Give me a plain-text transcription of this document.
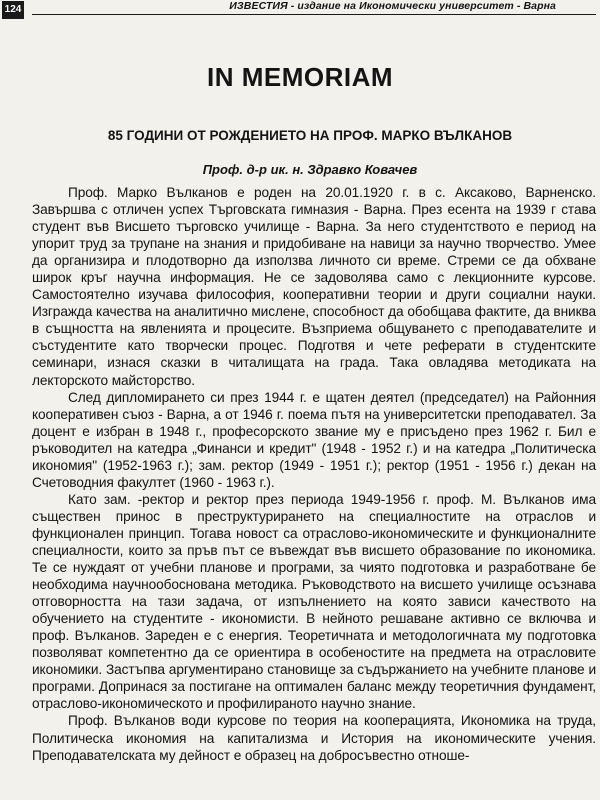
124	ИЗВЕСТИЯ - издание на Икономически университет - Варна
IN MEMORIAM
85 ГОДИНИ ОТ РОЖДЕНИЕТО НА ПРОФ. МАРКО ВЪЛКАНОВ
Проф. д-р ик. н. Здравко Ковачев

Проф. Марко Вълканов е роден на 20.01.1920 г. в с. Аксаково, Варненско. Завършва с отличен успех Търговската гимназия - Варна. През есента на 1939 г става студент във Висшето търговско училище - Варна. За него студентството е период на упорит труд за трупане на знания и придобиване на навици за научно творчество. Умее да организира и плодотворно да използва личното си време. Стреми се да обхване широк кръг научна информация. Не се задоволява само с лекционните курсове. Самостоятелно изучава философия, кооперативни теории и други социални науки. Изгражда качества на аналитично мислене, способност да обобщава фактите, да вниква в същността на явленията и процесите. Възприема общуването с преподавателите и състудентите като творчески процес. Подготвя и чете реферати в студентските семинари, изнася сказки в читалищата на града. Така овладява методиката на лекторското майсторство.

След дипломирането си през 1944 г. е щатен деятел (председател) на Районния кооперативен съюз - Варна, а от 1946 г. поема пътя на университетски преподавател. За доцент е избран в 1948 г., професорското звание му е присъдено през 1962 г. Бил е ръководител на катедра „Финанси и кредит" (1948 - 1952 г.) и на катедра „Политическа икономия" (1952-1963 г.); зам. ректор (1949 - 1951 г.); ректор (1951 - 1956 г.) декан на Счетоводния факултет (1960 - 1963 г.).

Като зам. -ректор и ректор през периода 1949-1956 г. проф. М. Вълканов има съществен принос в преструктурирането на специалностите на отраслов и функционален принцип. Тогава новост са отраслово-икономическите и функционалните специалности, които за пръв път се въвеждат във висшето образование по икономика. Те се нуждаят от учебни планове и програми, за чиято подготовка и разработване бе необходима научнообоснована методика. Ръководството на висшето училище осъзнава отговорността на тази задача, от изпълнението на която зависи качеството на обучението на студентите - икономисти. В нейното решаване активно се включва и проф. Вълканов. Зареден е с енергия. Теоретичната и методологичната му подготовка позволяват компетентно да се ориентира в особеностите на предмета на отрасловите икономики. Застъпва аргументирано становище за съдържанието на учебните планове и програми. Допринася за постигане на оптимален баланс между теоретичния фундамент, отраслово-икономическото и профилираното научно знание.

Проф. Вълканов води курсове по теория на кооперацията, Икономика на труда, Политическа икономия на капитализма и История на икономическите учения. Преподавателската му дейност е образец на добросъвестно отноше-
